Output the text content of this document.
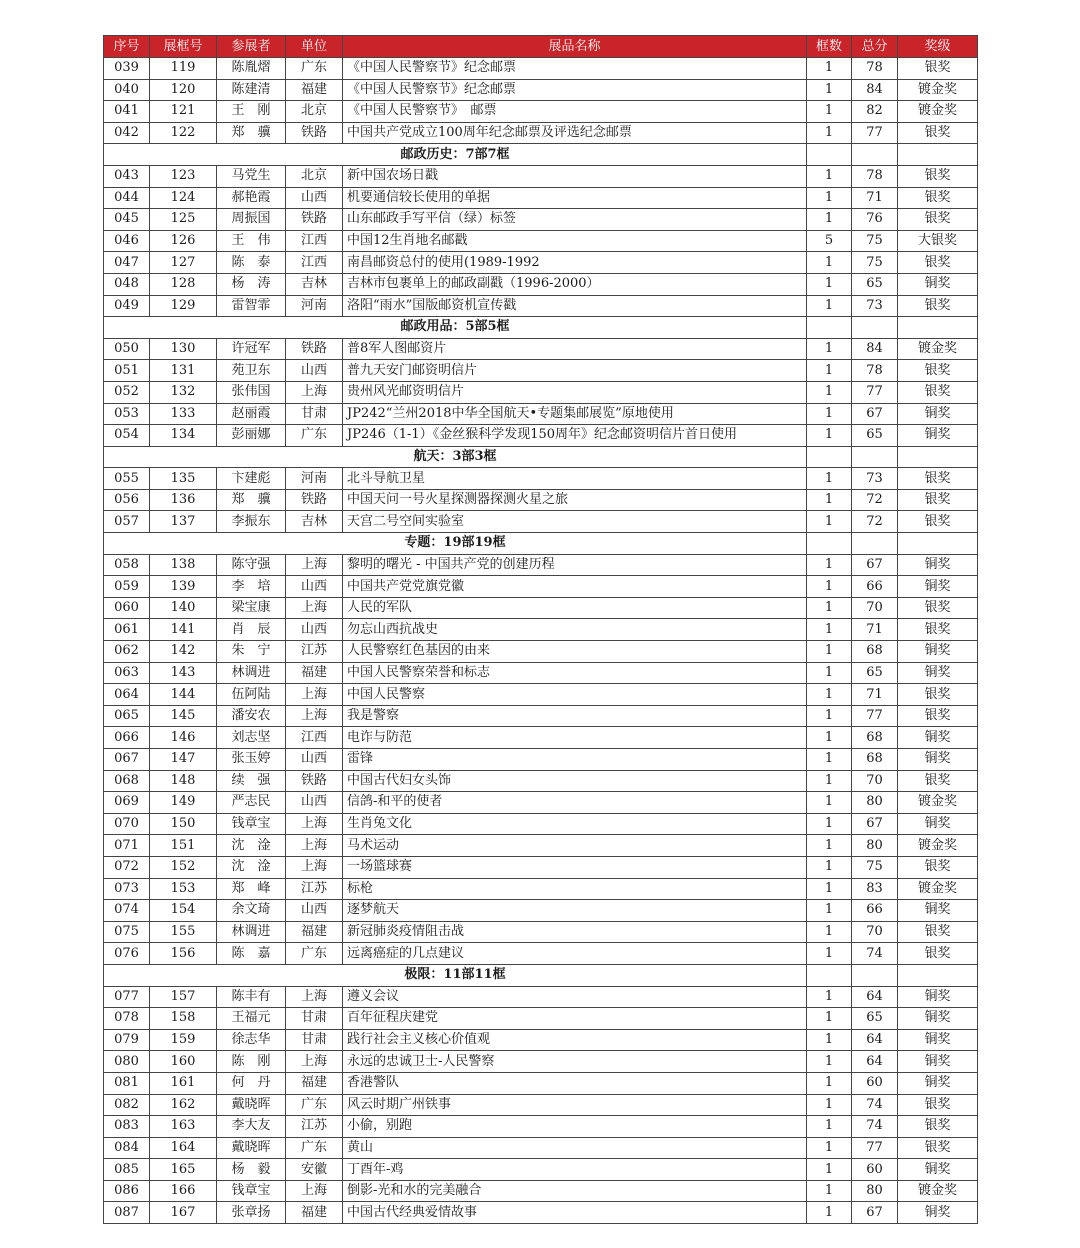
序号	展框号	参展者	单位	展品名称	框数	总分	奖级
039	119	陈胤熠	广东	《中国人民警察节》纪念邮票	1	78	银奖
040	120	陈建清	福建	《中国人民警察节》纪念邮票	1	84	镀金奖
041	121	王　刚	北京	《中国人民警察节》　邮票	1	82	镀金奖
042	122	郑　骥	铁路	中国共产党成立100周年纪念邮票及评选纪念邮票	1	77	银奖
邮政历史：7部7框							
043	123	马党生	北京	新中国农场日戳	1	78	银奖
044	124	郝艳霞	山西	机要通信较长使用的单据	1	71	银奖
045	125	周振国	铁路	山东邮政手写平信（绿）标签	1	76	银奖
046	126	王　伟	江西	中国12生肖地名邮戳	5	75	大银奖
047	127	陈　泰	江西	南昌邮资总付的使用(1989-1992	1	75	银奖
048	128	杨　涛	吉林	吉林市包裹单上的邮政副戳（1996-2000）	1	65	铜奖
049	129	雷智霏	河南	洛阳“雨水”国版邮资机宣传戳	1	73	银奖
邮政用品：5部5框							
050	130	许冠军	铁路	普8军人图邮资片	1	84	镀金奖
051	131	苑卫东	山西	普九天安门邮资明信片	1	78	银奖
052	132	张伟国	上海	贵州风光邮资明信片	1	77	银奖
053	133	赵丽霞	甘肃	JP242“兰州2018中华全国航天•专题集邮展览”原地使用	1	67	铜奖
054	134	彭丽娜	广东	JP246（1-1）《金丝猴科学发现150周年》纪念邮资明信片首日使用	1	65	铜奖
航天：3部3框							
055	135	卞建彪	河南	北斗导航卫星	1	73	银奖
056	136	郑　骥	铁路	中国天问一号火星探测器探测火星之旅	1	72	银奖
057	137	李振东	吉林	天宫二号空间实验室	1	72	银奖
专题：19部19框							
058	138	陈守强	上海	黎明的曙光 - 中国共产党的创建历程	1	67	铜奖
059	139	李　培	山西	中国共产党党旗党徽	1	66	铜奖
060	140	梁宝康	上海	人民的军队	1	70	银奖
061	141	肖　辰	山西	勿忘山西抗战史	1	71	银奖
062	142	朱　宁	江苏	人民警察红色基因的由来	1	68	铜奖
063	143	林调进	福建	中国人民警察荣誉和标志	1	65	铜奖
064	144	伍阿陆	上海	中国人民警察	1	71	银奖
065	145	潘安农	上海	我是警察	1	77	银奖
066	146	刘志坚	江西	电诈与防范	1	68	铜奖
067	147	张玉婷	山西	雷锋	1	68	铜奖
068	148	续　强	铁路	中国古代妇女头饰	1	70	银奖
069	149	严志民	山西	信鸽-和平的使者	1	80	镀金奖
070	150	钱章宝	上海	生肖兔文化	1	67	铜奖
071	151	沈　淦	上海	马术运动	1	80	镀金奖
072	152	沈　淦	上海	一场篮球赛	1	75	银奖
073	153	郑　峰	江苏	标枪	1	83	镀金奖
074	154	余文琦	山西	逐梦航天	1	66	铜奖
075	155	林调进	福建	新冠肺炎疫情阻击战	1	70	银奖
076	156	陈　嘉	广东	远离癌症的几点建议	1	74	银奖
极限：11部11框							
077	157	陈丰有	上海	遵义会议	1	64	铜奖
078	158	王福元	甘肃	百年征程庆建党	1	65	铜奖
079	159	徐志华	甘肃	践行社会主义核心价值观	1	64	铜奖
080	160	陈　刚	上海	永远的忠诚卫士-人民警察	1	64	铜奖
081	161	何　丹	福建	香港警队	1	60	铜奖
082	162	戴晓晖	广东	风云时期广州铁事	1	74	银奖
083	163	李大友	江苏	小偷，别跑	1	74	银奖
084	164	戴晓晖	广东	黄山	1	77	银奖
085	165	杨　毅	安徽	丁酉年-鸡	1	60	铜奖
086	166	钱章宝	上海	倒影-光和水的完美融合	1	80	镀金奖
087	167	张章扬	福建	中国古代经典爱情故事	1	67	铜奖
